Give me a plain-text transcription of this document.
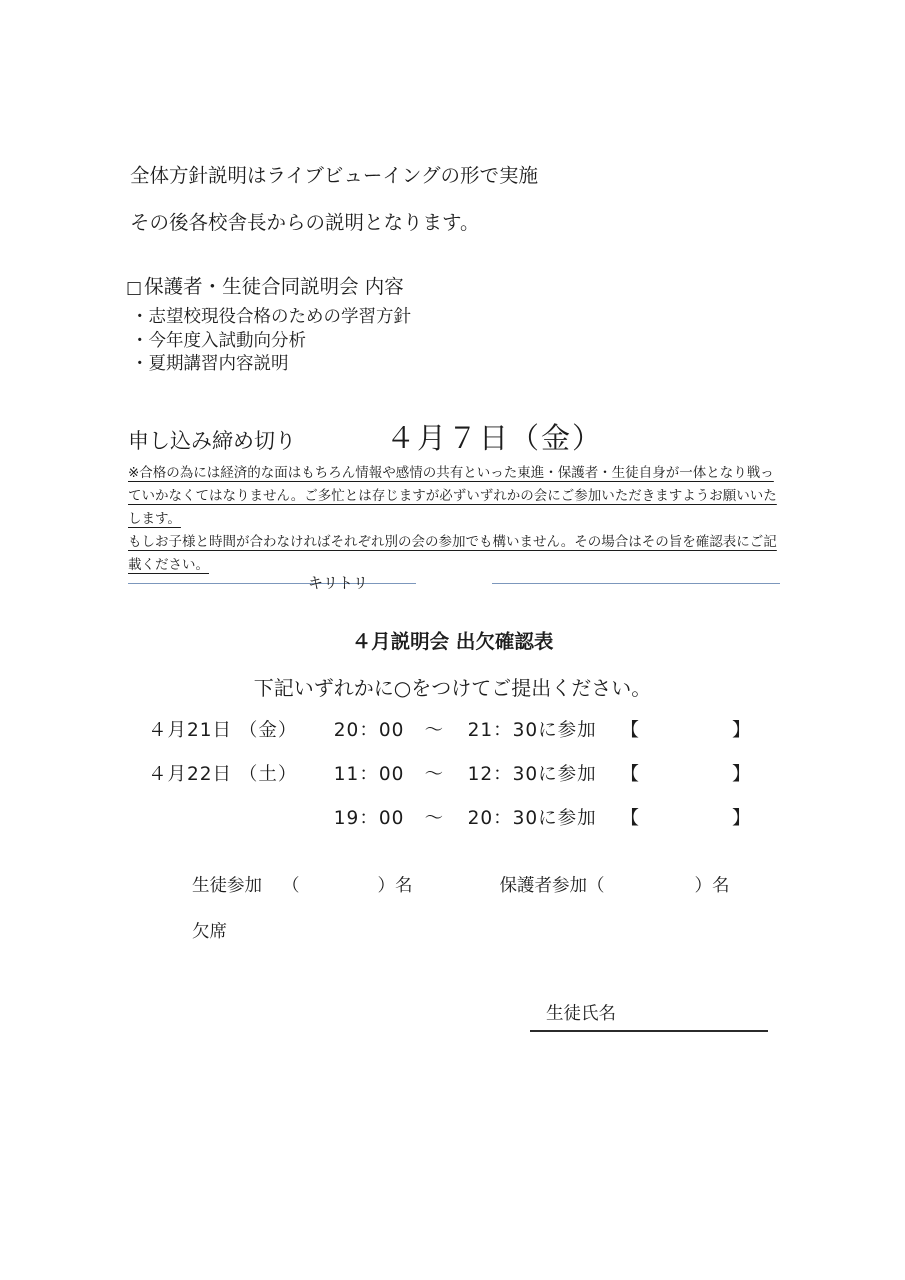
全体方針説明はライブビューイングの形で実施
その後各校舎長からの説明となります。
□ 保護者・生徒合同説明会 内容
・志望校現役合格のための学習方針
・今年度入試動向分析
・夏期講習内容説明
申し込み締め切り	４月７日（金）

※合格の為には経済的な面はもちろん情報や感情の共有といった東進・保護者・生徒自身が一体となり戦っていかなくてはなりません。ご多忙とは存じますが必ずいずれかの会にご参加いただきますようお願いいたします。

もしお子様と時間が合わなければそれぞれ別の会の参加でも構いません。その場合はその旨を確認表にご記載ください。

キリトリ
４月説明会 出欠確認表
下記いずれかに○をつけてご提出ください。
４月21日 （金） 20：00 ～ 21：30に参加 【	】
４月22日 （土） 11：00 ～ 12：30に参加 【	】
19：00 ～ 20：30に参加 【	】
生徒参加 （	）名	保護者参加（	）名
欠席
生徒氏名
